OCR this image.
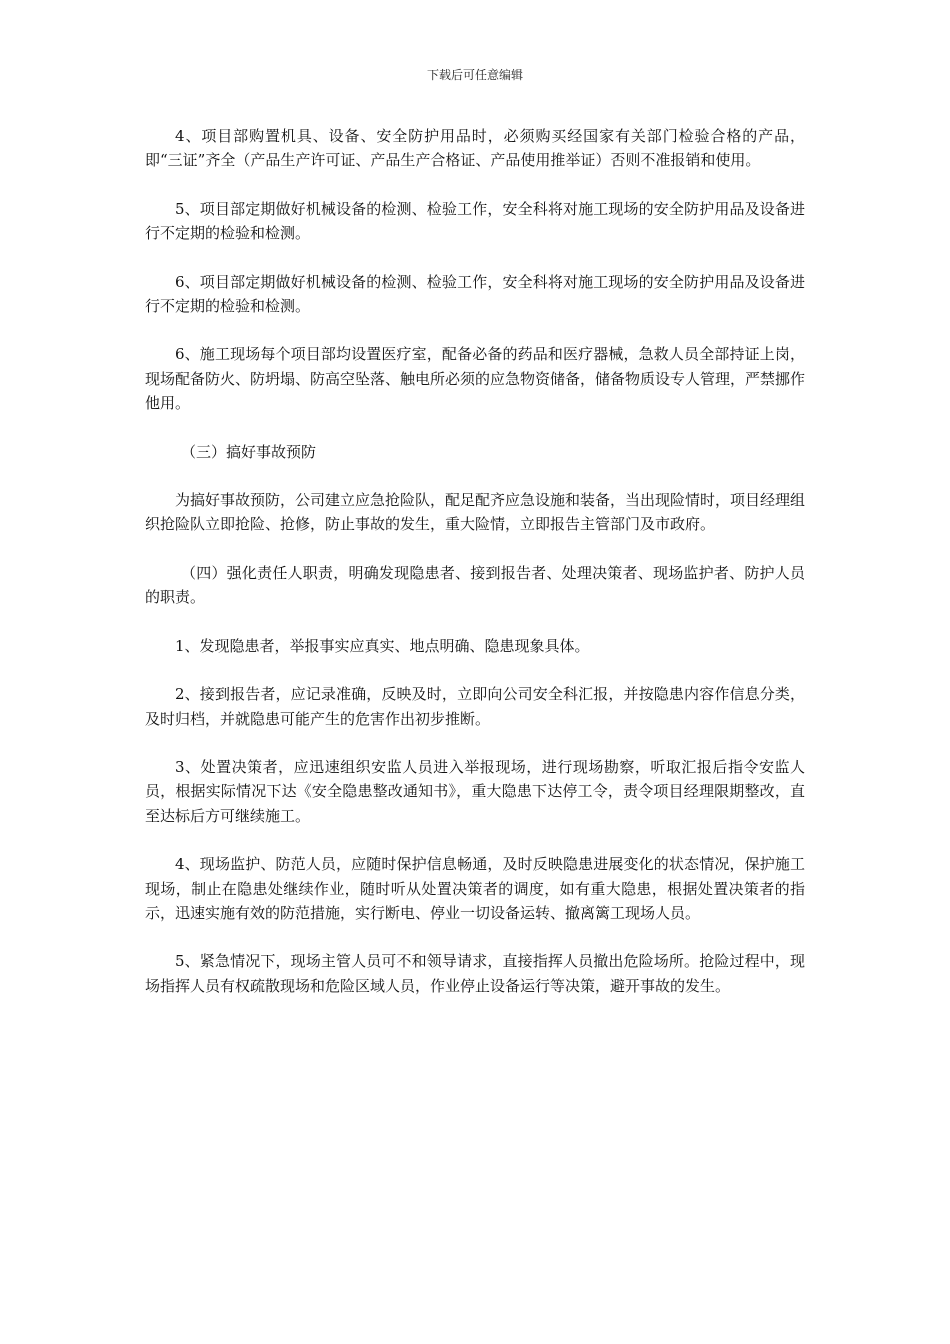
下载后可任意编辑

4、项目部购置机具、设备、安全防护用品时，必须购买经国家有关部门检验合格的产品，即“三证”齐全（产品生产许可证、产品生产合格证、产品使用推举证）否则不准报销和使用。

5、项目部定期做好机械设备的检测、检验工作，安全科将对施工现场的安全防护用品及设备进行不定期的检验和检测。

6、项目部定期做好机械设备的检测、检验工作，安全科将对施工现场的安全防护用品及设备进行不定期的检验和检测。

6、施工现场每个项目部均设置医疗室，配备必备的药品和医疗器械，急救人员全部持证上岗，现场配备防火、防坍塌、防高空坠落、触电所必须的应急物资储备，储备物质设专人管理，严禁挪作他用。

（三）搞好事故预防

为搞好事故预防，公司建立应急抢险队，配足配齐应急设施和装备，当出现险情时，项目经理组织抢险队立即抢险、抢修，防止事故的发生，重大险情，立即报告主管部门及市政府。

（四）强化责任人职责，明确发现隐患者、接到报告者、处理决策者、现场监护者、防护人员的职责。

1、发现隐患者，举报事实应真实、地点明确、隐患现象具体。

2、接到报告者，应记录准确，反映及时，立即向公司安全科汇报，并按隐患内容作信息分类，及时归档，并就隐患可能产生的危害作出初步推断。

3、处置决策者，应迅速组织安监人员进入举报现场，进行现场勘察，听取汇报后指令安监人员，根据实际情况下达《安全隐患整改通知书》，重大隐患下达停工令，责令项目经理限期整改，直至达标后方可继续施工。

4、现场监护、防范人员，应随时保护信息畅通，及时反映隐患进展变化的状态情况，保护施工现场，制止在隐患处继续作业，随时听从处置决策者的调度，如有重大隐患，根据处置决策者的指示，迅速实施有效的防范措施，实行断电、停业一切设备运转、撤离篱工现场人员。

5、紧急情况下，现场主管人员可不和领导请求，直接指挥人员撤出危险场所。抢险过程中，现场指挥人员有权疏散现场和危险区域人员，作业停止设备运行等决策，避开事故的发生。
